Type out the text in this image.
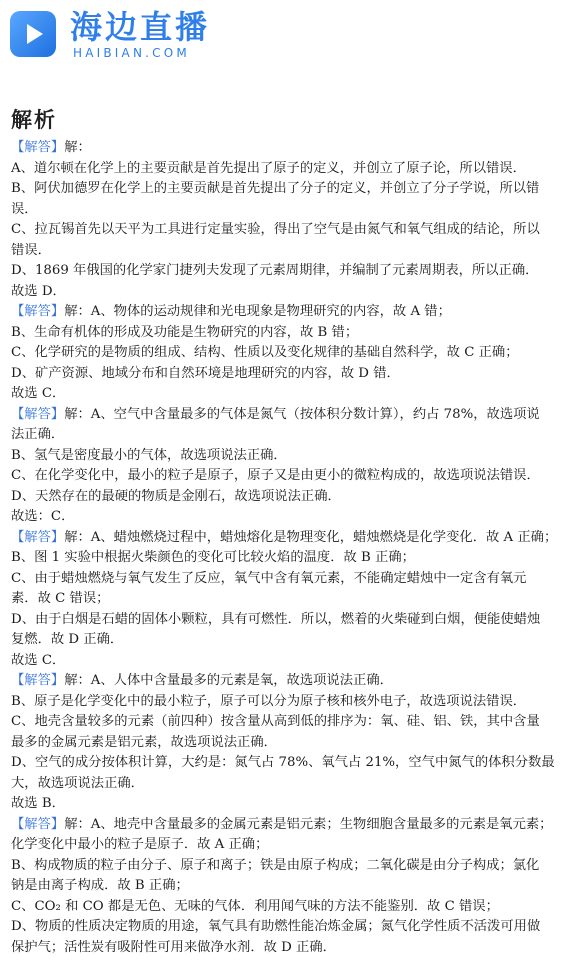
海边直播
HAIBIAN.COM
解析
【解答】解：
A、道尔顿在化学上的主要贡献是首先提出了原子的定义，并创立了原子论，所以错误．
B、阿伏加德罗在化学上的主要贡献是首先提出了分子的定义，并创立了分子学说，所以错
误．
C、拉瓦锡首先以天平为工具进行定量实验，得出了空气是由氮气和氧气组成的结论，所以
错误．
D、1869 年俄国的化学家门捷列夫发现了元素周期律，并编制了元素周期表，所以正确．
故选 D．
【解答】解：A、物体的运动规律和光电现象是物理研究的内容，故 A 错；
B、生命有机体的形成及功能是生物研究的内容，故 B 错；
C、化学研究的是物质的组成、结构、性质以及变化规律的基础自然科学，故 C 正确；
D、矿产资源、地域分布和自然环境是地理研究的内容，故 D 错．
故选 C．
【解答】解：A、空气中含量最多的气体是氮气（按体积分数计算），约占 78%，故选项说
法正确．
B、氢气是密度最小的气体，故选项说法正确．
C、在化学变化中，最小的粒子是原子，原子又是由更小的微粒构成的，故选项说法错误．
D、天然存在的最硬的物质是金刚石，故选项说法正确．
故选：C．
【解答】解：A、蜡烛燃烧过程中，蜡烛熔化是物理变化，蜡烛燃烧是化学变化．故 A 正确；
B、图 1 实验中根据火柴颜色的变化可比较火焰的温度．故 B 正确；
C、由于蜡烛燃烧与氧气发生了反应，氧气中含有氧元素，不能确定蜡烛中一定含有氧元
素．故 C 错误；
D、由于白烟是石蜡的固体小颗粒，具有可燃性．所以，燃着的火柴碰到白烟，便能使蜡烛
复燃．故 D 正确．
故选 C．
【解答】解：A、人体中含量最多的元素是氧，故选项说法正确．
B、原子是化学变化中的最小粒子，原子可以分为原子核和核外电子，故选项说法错误．
C、地壳含量较多的元素（前四种）按含量从高到低的排序为：氧、硅、铝、铁，其中含量
最多的金属元素是铝元素，故选项说法正确．
D、空气的成分按体积计算，大约是：氮气占 78%、氧气占 21%，空气中氮气的体积分数最
大，故选项说法正确．
故选 B．
【解答】解：A、地壳中含量最多的金属元素是铝元素；生物细胞含量最多的元素是氧元素；
化学变化中最小的粒子是原子．故 A 正确；
B、构成物质的粒子由分子、原子和离子；铁是由原子构成；二氧化碳是由分子构成；氯化
钠是由离子构成．故 B 正确；
C、CO₂ 和 CO 都是无色、无味的气体．利用闻气味的方法不能鉴别．故 C 错误；
D、物质的性质决定物质的用途，氧气具有助燃性能冶炼金属；氮气化学性质不活泼可用做
保护气；活性炭有吸附性可用来做净水剂．故 D 正确．
